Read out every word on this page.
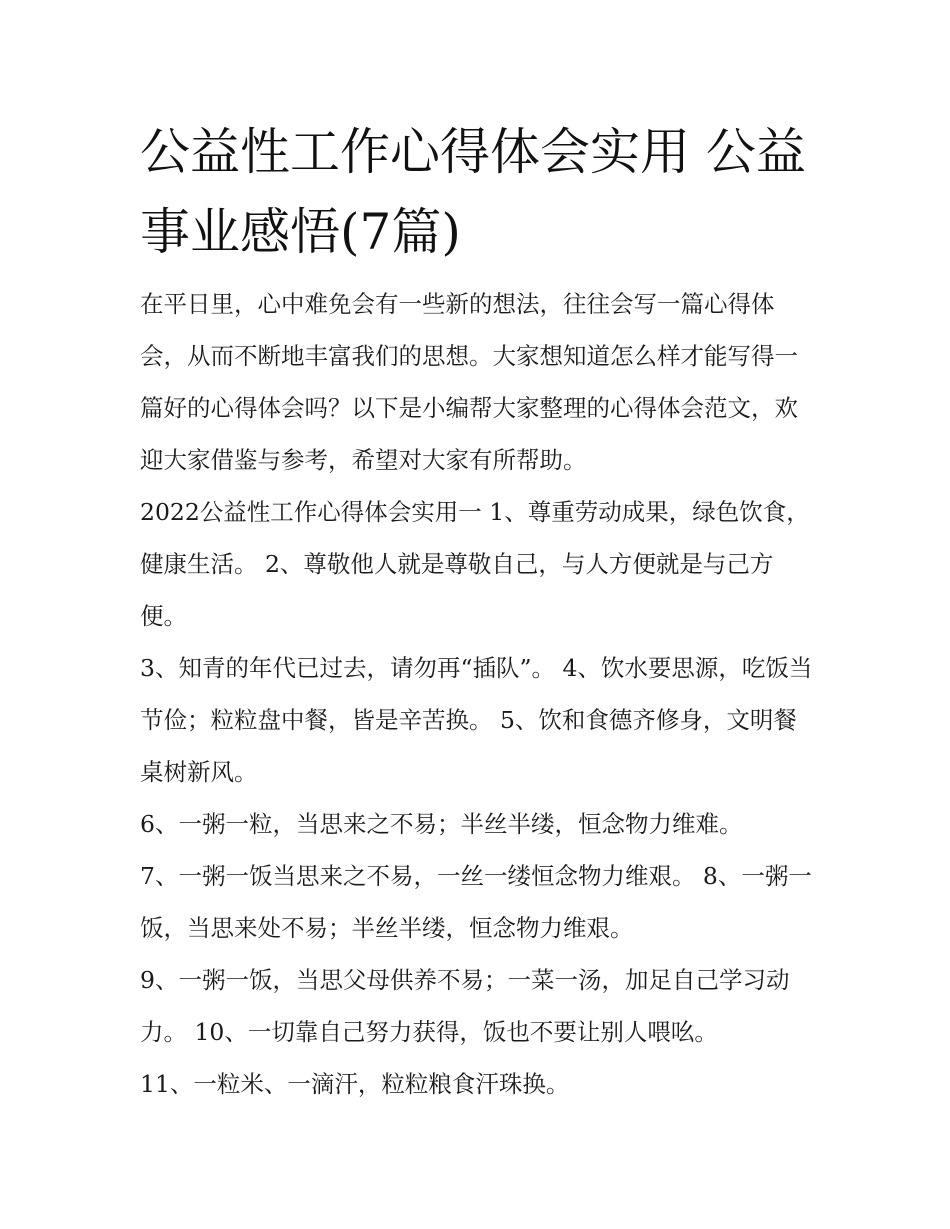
公益性工作心得体会实用 公益事业感悟(7篇)

在平日里，心中难免会有一些新的想法，往往会写一篇心得体会，从而不断地丰富我们的思想。大家想知道怎么样才能写得一篇好的心得体会吗？以下是小编帮大家整理的心得体会范文，欢迎大家借鉴与参考，希望对大家有所帮助。

2022公益性工作心得体会实用一 1、尊重劳动成果，绿色饮食，健康生活。 2、尊敬他人就是尊敬自己，与人方便就是与己方便。

3、知青的年代已过去，请勿再“插队”。 4、饮水要思源，吃饭当节俭；粒粒盘中餐，皆是辛苦换。 5、饮和食德齐修身，文明餐桌树新风。

6、一粥一粒，当思来之不易；半丝半缕，恒念物力维难。

7、一粥一饭当思来之不易，一丝一缕恒念物力维艰。 8、一粥一饭，当思来处不易；半丝半缕，恒念物力维艰。

9、一粥一饭，当思父母供养不易；一菜一汤，加足自己学习动力。 10、一切靠自己努力获得，饭也不要让别人喂吆。

11、一粒米、一滴汗，粒粒粮食汗珠换。
